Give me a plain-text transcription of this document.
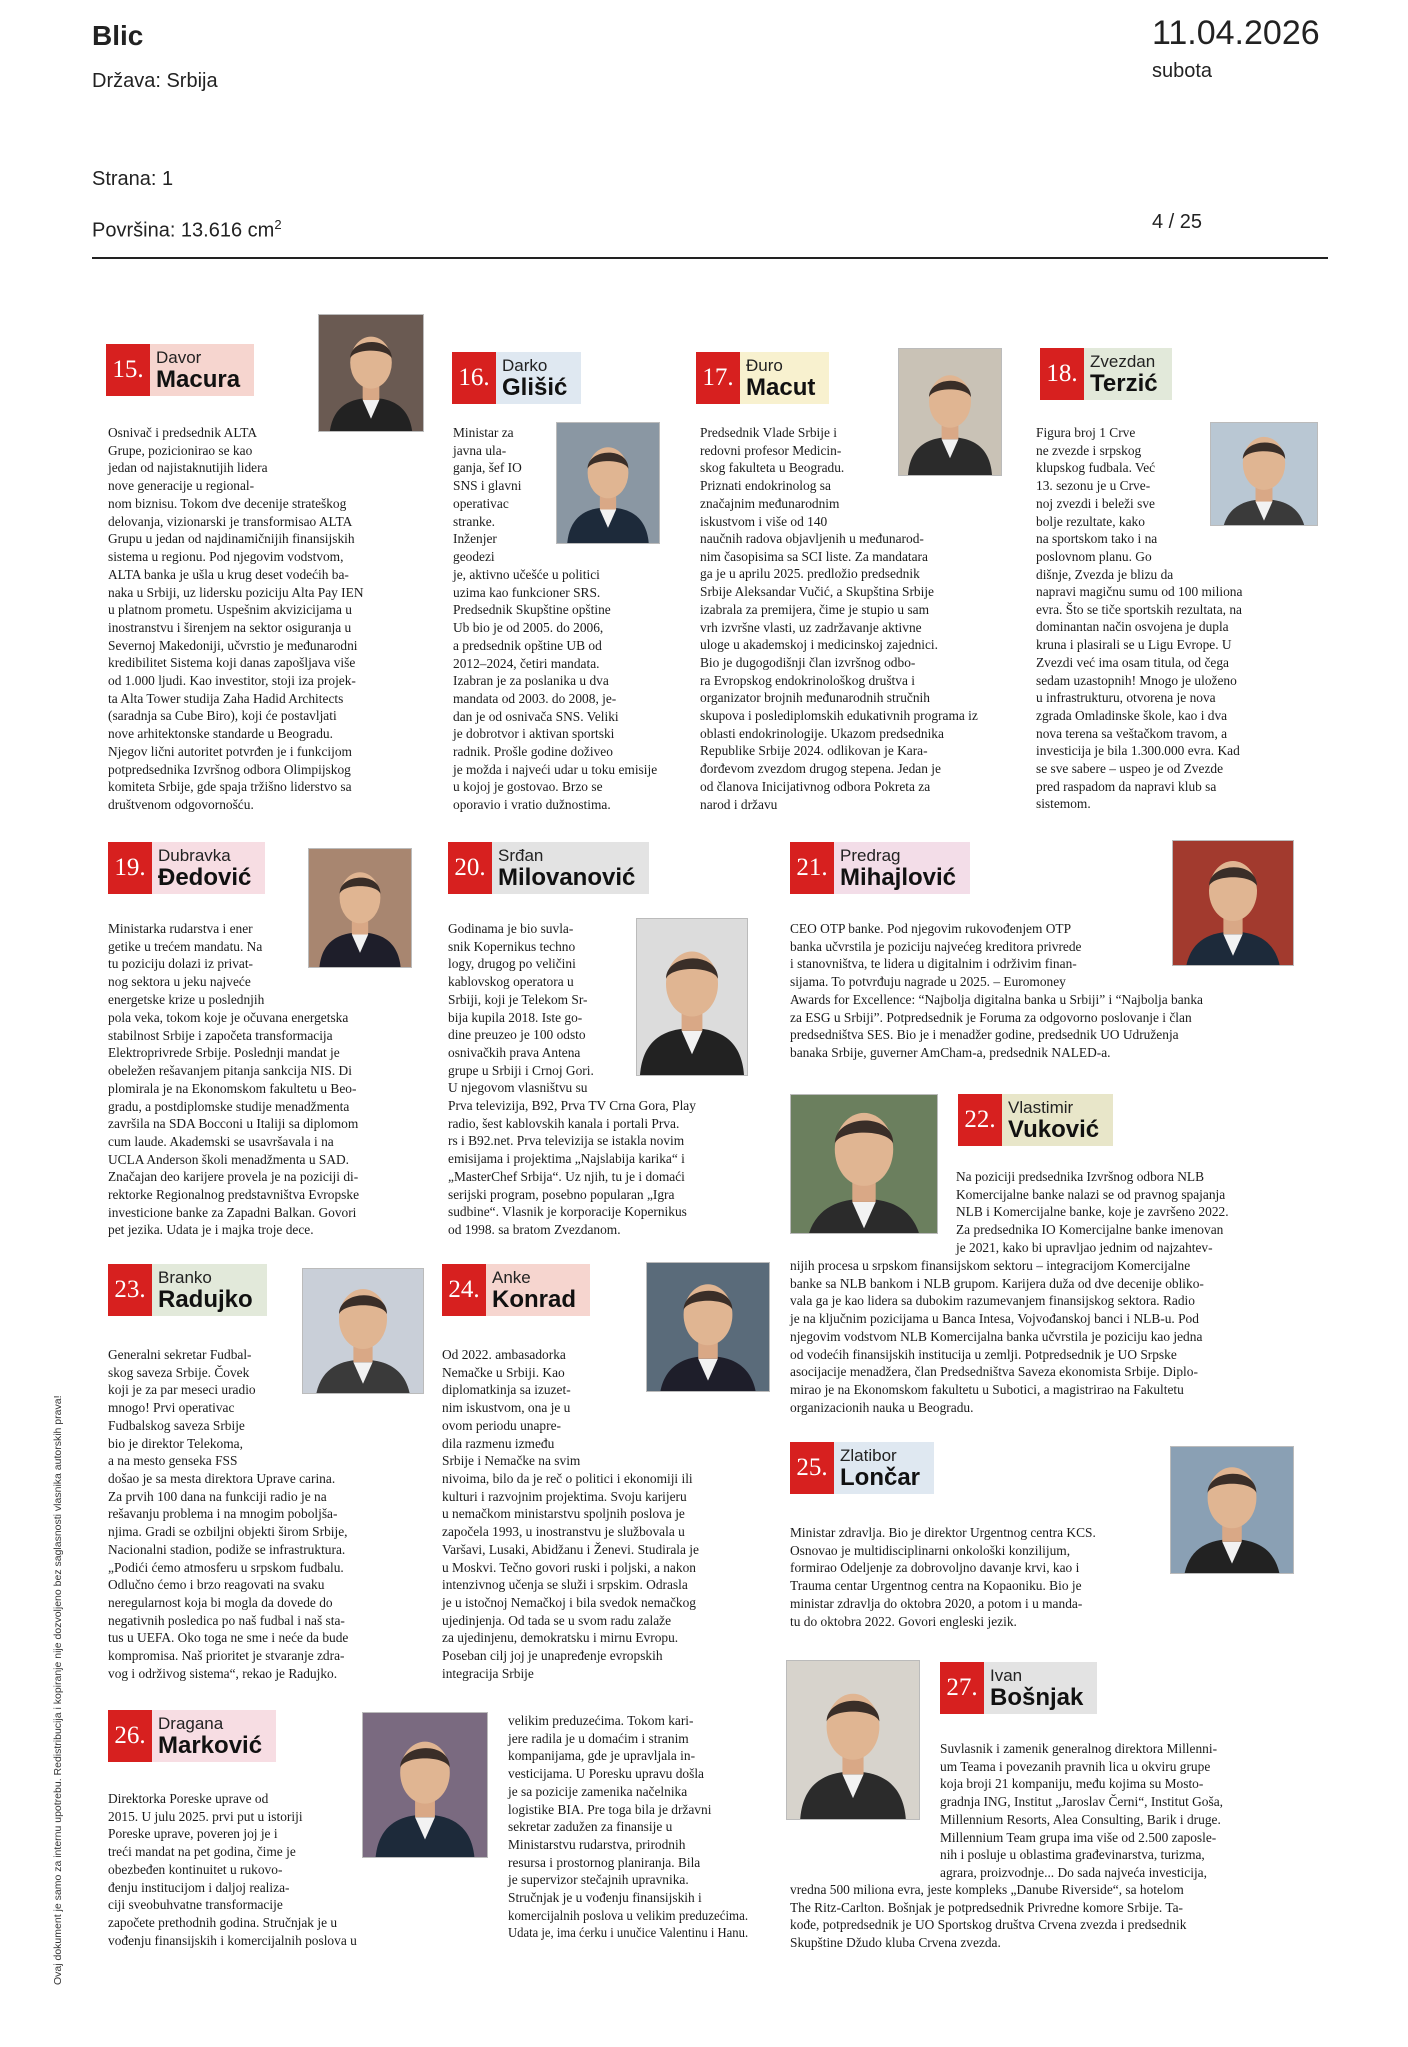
Blic
Država: Srbija
11.04.2026
subota
Strana: 1
Površina: 13.616 $cm^2$	4 / 25
Ovaj dokument je samo za internu upotrebu. Redistribucija i kopiranje nije dozvoljeno bez saglasnosti vlasnika autorskih prava!
15. Davor
Macura
Osnivač i predsednik ALTA
Grupe, pozicionirao se kao
jedan od najistaknutijih lidera
nove generacije u regional-
nom biznisu. Tokom dve decenije strateškog
delovanja, vizionarski je transformisao ALTA
Grupu u jedan od najdinamičnijih finansijskih
sistema u regionu. Pod njegovim vodstvom,
ALTA banka je ušla u krug deset vodećih ba-
naka u Srbiji, uz lidersku poziciju Alta Pay IEN
u platnom prometu. Uspešnim akvizicijama u
inostranstvu i širenjem na sektor osiguranja u
Severnoj Makedoniji, učvrstio je međunarodni
kredibilitet Sistema koji danas zapošljava više
od 1.000 ljudi. Kao investitor, stoji iza projek-
ta Alta Tower studija Zaha Hadid Architects
(saradnja sa Cube Biro), koji će postavljati
nove arhitektonske standarde u Beogradu.
Njegov lični autoritet potvrđen je i funkcijom
potpredsednika Izvršnog odbora Olimpijskog
komiteta Srbije, gde spaja tržišno liderstvo sa
društvenom odgovornošću.
16. Darko
Glišić
Ministar za
javna ula-
ganja, šef IO
SNS i glavni
operativac
stranke.
Inženjer
geodezi
je, aktivno učešće u politici
uzima kao funkcioner SRS.
Predsednik Skupštine opštine
Ub bio je od 2005. do 2006,
a predsednik opštine UB od
2012–2024, četiri mandata.
Izabran je za poslanika u dva
mandata od 2003. do 2008, je-
dan je od osnivača SNS. Veliki
je dobrotvor i aktivan sportski
radnik. Prošle godine doživeo
je možda i najveći udar u toku emisije
u kojoj je gostovao. Brzo se
oporavio i vratio dužnostima.
17. Đuro
Macut
Predsednik Vlade Srbije i
redovni profesor Medicin-
skog fakulteta u Beogradu.
Priznati endokrinolog sa
značajnim međunarodnim
iskustvom i više od 140
naučnih radova objavljenih u međunarod-
nim časopisima sa SCI liste. Za mandatara
ga je u aprilu 2025. predložio predsednik
Srbije Aleksandar Vučić, a Skupština Srbije
izabrala za premijera, čime je stupio u sam
vrh izvršne vlasti, uz zadržavanje aktivne
uloge u akademskoj i medicinskoj zajednici.
Bio je dugogodišnji član izvršnog odbo-
ra Evropskog endokrinološkog društva i
organizator brojnih međunarodnih stručnih
skupova i poslediplomskih edukativnih programa iz
oblasti endokrinologije. Ukazom predsednika
Republike Srbije 2024. odlikovan je Kara-
đorđevom zvezdom drugog stepena. Jedan je
od članova Inicijativnog odbora Pokreta za
narod i državu
18. Zvezdan
Terzić
Figura broj 1 Crve
ne zvezde i srpskog
klupskog fudbala. Već
13. sezonu je u Crve-
noj zvezdi i beleži sve
bolje rezultate, kako
na sportskom tako i na
poslovnom planu. Go
dišnje, Zvezda je blizu da
napravi magičnu sumu od 100 miliona
evra. Što se tiče sportskih rezultata, na
dominantan način osvojena je dupla
kruna i plasirali se u Ligu Evrope. U
Zvezdi već ima osam titula, od čega
sedam uzastopnih! Mnogo je uloženo
u infrastrukturu, otvorena je nova
zgrada Omladinske škole, kao i dva
nova terena sa veštačkom travom, a
investicija je bila 1.300.000 evra. Kad
se sve sabere – uspeo je od Zvezde
pred raspadom da napravi klub sa
sistemom.
19. Dubravka
Đedović
Ministarka rudarstva i ener
getike u trećem mandatu. Na
tu poziciju dolazi iz privat-
nog sektora u jeku najveće
energetske krize u poslednjih
pola veka, tokom koje je očuvana energetska
stabilnost Srbije i započeta transformacija
Elektroprivrede Srbije. Poslednji mandat je
obeležen rešavanjem pitanja sankcija NIS. Di
plomirala je na Ekonomskom fakultetu u Beo-
gradu, a postdiplomske studije menadžmenta
završila na SDA Bocconi u Italiji sa diplomom
cum laude. Akademski se usavršavala i na
UCLA Anderson školi menadžmenta u SAD.
Značajan deo karijere provela je na poziciji di-
rektorke Regionalnog predstavništva Evropske
investicione banke za Zapadni Balkan. Govori
pet jezika. Udata je i majka troje dece.
20. Srđan
Milovanović
Godinama je bio suvla-
snik Kopernikus techno
logy, drugog po veličini
kablovskog operatora u
Srbiji, koji je Telekom Sr-
bija kupila 2018. Iste go-
dine preuzeo je 100 odsto
osnivačkih prava Antena
grupe u Srbiji i Crnoj Gori.
U njegovom vlasništvu su
Prva televizija, B92, Prva TV Crna Gora, Play
radio, šest kablovskih kanala i portali Prva.
rs i B92.net. Prva televizija se istakla novim
emisijama i projektima „Najslabija karika“ i
„MasterChef Srbija“. Uz njih, tu je i domaći
serijski program, posebno popularan „Igra
sudbine“. Vlasnik je korporacije Kopernikus
od 1998. sa bratom Zvezdanom.
21. Predrag
Mihajlović
CEO OTP banke. Pod njegovim rukovođenjem OTP
banka učvrstila je poziciju najvećeg kreditora privrede
i stanovništva, te lidera u digitalnim i održivim finan-
sijama. To potvrđuju nagrade u 2025. – Euromoney
Awards for Excellence: “Najbolja digitalna banka u Srbiji” i “Najbolja banka
za ESG u Srbiji”. Potpredsednik je Foruma za odgovorno poslovanje i član
predsedništva SES. Bio je i menadžer godine, predsednik UO Udruženja
banaka Srbije, guverner AmCham-a, predsednik NALED-a.
22. Vlastimir
Vuković
Na poziciji predsednika Izvršnog odbora NLB
Komercijalne banke nalazi se od pravnog spajanja
NLB i Komercijalne banke, koje je završeno 2022.
Za predsednika IO Komercijalne banke imenovan
je 2021, kako bi upravljao jednim od najzahtev-
nijih procesa u srpskom finansijskom sektoru – integracijom Komercijalne
banke sa NLB bankom i NLB grupom. Karijera duža od dve decenije obliko-
vala ga je kao lidera sa dubokim razumevanjem finansijskog sektora. Radio
je na ključnim pozicijama u Banca Intesa, Vojvođanskoj banci i NLB-u. Pod
njegovim vodstvom NLB Komercijalna banka učvrstila je poziciju kao jedna
od vodećih finansijskih institucija u zemlji. Potpredsednik je UO Srpske
asocijacije menadžera, član Predsedništva Saveza ekonomista Srbije. Diplo-
mirao je na Ekonomskom fakultetu u Subotici, a magistrirao na Fakultetu
organizacionih nauka u Beogradu.
23. Branko
Radujko
Generalni sekretar Fudbal-
skog saveza Srbije. Čovek
koji je za par meseci uradio
mnogo! Prvi operativac
Fudbalskog saveza Srbije
bio je direktor Telekoma,
a na mesto genseka FSS
došao je sa mesta direktora Uprave carina.
Za prvih 100 dana na funkciji radio je na
rešavanju problema i na mnogim poboljša-
njima. Gradi se ozbiljni objekti širom Srbije,
Nacionalni stadion, podiže se infrastruktura.
„Podići ćemo atmosferu u srpskom fudbalu.
Odlučno ćemo i brzo reagovati na svaku
neregularnost koja bi mogla da dovede do
negativnih posledica po naš fudbal i naš sta-
tus u UEFA. Oko toga ne sme i neće da bude
kompromisa. Naš prioritet je stvaranje zdra-
vog i održivog sistema“, rekao je Radujko.
24. Anke
Konrad
Od 2022. ambasadorka
Nemačke u Srbiji. Kao
diplomatkinja sa izuzet-
nim iskustvom, ona je u
ovom periodu unapre-
dila razmenu između
Srbije i Nemačke na svim
nivoima, bilo da je reč o politici i ekonomiji ili
kulturi i razvojnim projektima. Svoju karijeru
u nemačkom ministarstvu spoljnih poslova je
započela 1993, u inostranstvu je službovala u
Varšavi, Lusaki, Abidžanu i Ženevi. Studirala je
u Moskvi. Tečno govori ruski i poljski, a nakon
intenzivnog učenja se služi i srpskim. Odrasla
je u istočnoj Nemačkoj i bila svedok nemačkog
ujedinjenja. Od tada se u svom radu zalaže
za ujedinjenu, demokratsku i mirnu Evropu.
Poseban cilj joj je unapređenje evropskih
integracija Srbije
25. Zlatibor
Lončar
Ministar zdravlja. Bio je direktor Urgentnog centra KCS.
Osnovao je multidisciplinarni onkološki konzilijum,
formirao Odeljenje za dobrovoljno davanje krvi, kao i
Trauma centar Urgentnog centra na Kopaoniku. Bio je
ministar zdravlja do oktobra 2020, a potom i u manda-
tu do oktobra 2022. Govori engleski jezik.
26. Dragana
Marković
Direktorka Poreske uprave od
2015. U julu 2025. prvi put u istoriji
Poreske uprave, poveren joj je i
treći mandat na pet godina, čime je
obezbeđen kontinuitet u rukovo-
đenju institucijom i daljoj realiza-
ciji sveobuhvatne transformacije
započete prethodnih godina. Stručnjak je u
vođenju finansijskih i komercijalnih poslova u
velikim preduzećima. Tokom kari-
jere radila je u domaćim i stranim
kompanijama, gde je upravljala in-
vesticijama. U Poresku upravu došla
je sa pozicije zamenika načelnika
logistike BIA. Pre toga bila je državni
sekretar zadužen za finansije u
Ministarstvu rudarstva, prirodnih
resursa i prostornog planiranja. Bila
je supervizor stečajnih upravnika.
Stručnjak je u vođenju finansijskih i
komercijalnih poslova u velikim preduzećima.
Udata je, ima ćerku i unučice Valentinu i Hanu.
27. Ivan
Bošnjak
Suvlasnik i zamenik generalnog direktora Millenni-
um Teama i povezanih pravnih lica u okviru grupe
koja broji 21 kompaniju, među kojima su Mosto-
gradnja ING, Institut „Jaroslav Černi“, Institut Goša,
Millennium Resorts, Alea Consulting, Barik i druge.
Millennium Team grupa ima više od 2.500 zaposle-
nih i posluje u oblastima građevinarstva, turizma,
agrara, proizvodnje... Do sada najveća investicija,
vredna 500 miliona evra, jeste kompleks „Danube Riverside“, sa hotelom
The Ritz-Carlton. Bošnjak je potpredsednik Privredne komore Srbije. Ta-
kođe, potpredsednik je UO Sportskog društva Crvena zvezda i predsednik
Skupštine Džudo kluba Crvena zvezda.
